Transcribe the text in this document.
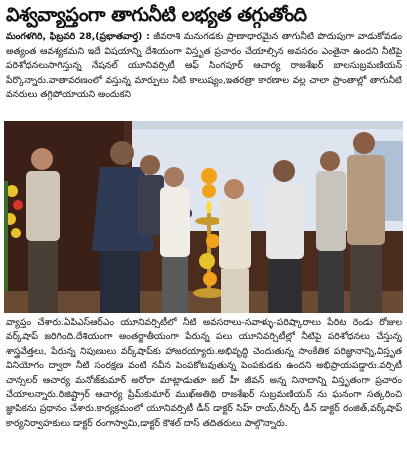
విశ్వవ్యాప్తంగా తాగునీటి లభ్యత తగ్గుతోంది
మంగళగిరి, ఫిబ్రవరి 28,(ప్రభాతవార్త) : జీవరాశి మనుగడకు ప్రాణాధారమైన తాగునీటి పొదుపుగా వాడుకోవడం అత్యంత ఆవశ్యకమని ఇదే విషయాన్ని దేశియంగా విస్తృత ప్రచారం చేయాల్సిన అవసరం ఎంతైనా ఉందని నీటిపై పరిశోధనలుసాగిస్తున్న నేషనల్ యూనివర్సిటీ ఆఫ్ సింగపూర్ ఆచార్య రాజశేఖర్ బాలసుబ్రమణియన్ పేర్కొన్నారు.వాతావరణంలో వస్తున్న మార్పులు నీటి కాలుష్యం,ఇతరత్రా కారణాల వల్ల చాలా ప్రాంతాల్లో తాగునీటి వనరులు తగ్గిపోయాయని అందుకని
వ్యాప్తం చేశారు.ఏపిఎస్‌ఆర్‌ఎం యూనివర్సిటీలో నీటి అవసరాలు-సవాళ్ళు-పరిష్కారాలు పేరిట రెండు రోజుల వర్క్‌షాప్ జరిగింది.దేశియంగా అంతర్జాతీయంగా పేరున్న పలు యూనివర్సిటీల్లో నీటిపై పరిశోధనలు చేస్తున్న శాస్త్రవేత్తలు, పేరున్న నిపుణులు వర్క్‌షాప్‌కు హాజరయ్యారు.అభివృద్ధి చెందుతున్న సాంకేతిక పరిజ్ఞానాన్ని,విస్తృత వినియోగం ద్వారా నీటి సంరక్షణ వంటి నవీన పెంపకోటవుతున్న పెంపకుడకు ఉందని అభిప్రాయపడ్డారు.వర్సిటీ చాన్సలర్ ఆచార్య మనోజ్‌కుమార్ అరోరా మాట్లాడుతూ జల్ హీ జీవన్ అన్న నినాదాన్ని విస్తృతంగా ప్రచారం చేయాలన్నారు.రిజిష్ట్రార్ ఆచార్య ప్రేమ్‌కుమార్ ముఖ్‌అతిథి రాజశేఖర్ సుబ్రమణియన్‌ ను ఘనంగా సత్కరించి జ్ఞాపికను ప్రధానం చేశారు.కార్యక్రమంలో యూనివర్సిటీ డీన్ డాక్టర్ సిహ్ రాయ్,రీసెర్చ్ డీన్ డాక్టర్ రంజిత్,వర్క్‌షాప్ కార్యనిర్వాహకులు డాక్టర్ రంగాస్వామి,డాక్టర్ కౌశల్ దాస్ తదితరులు పాల్గొన్నారు.
